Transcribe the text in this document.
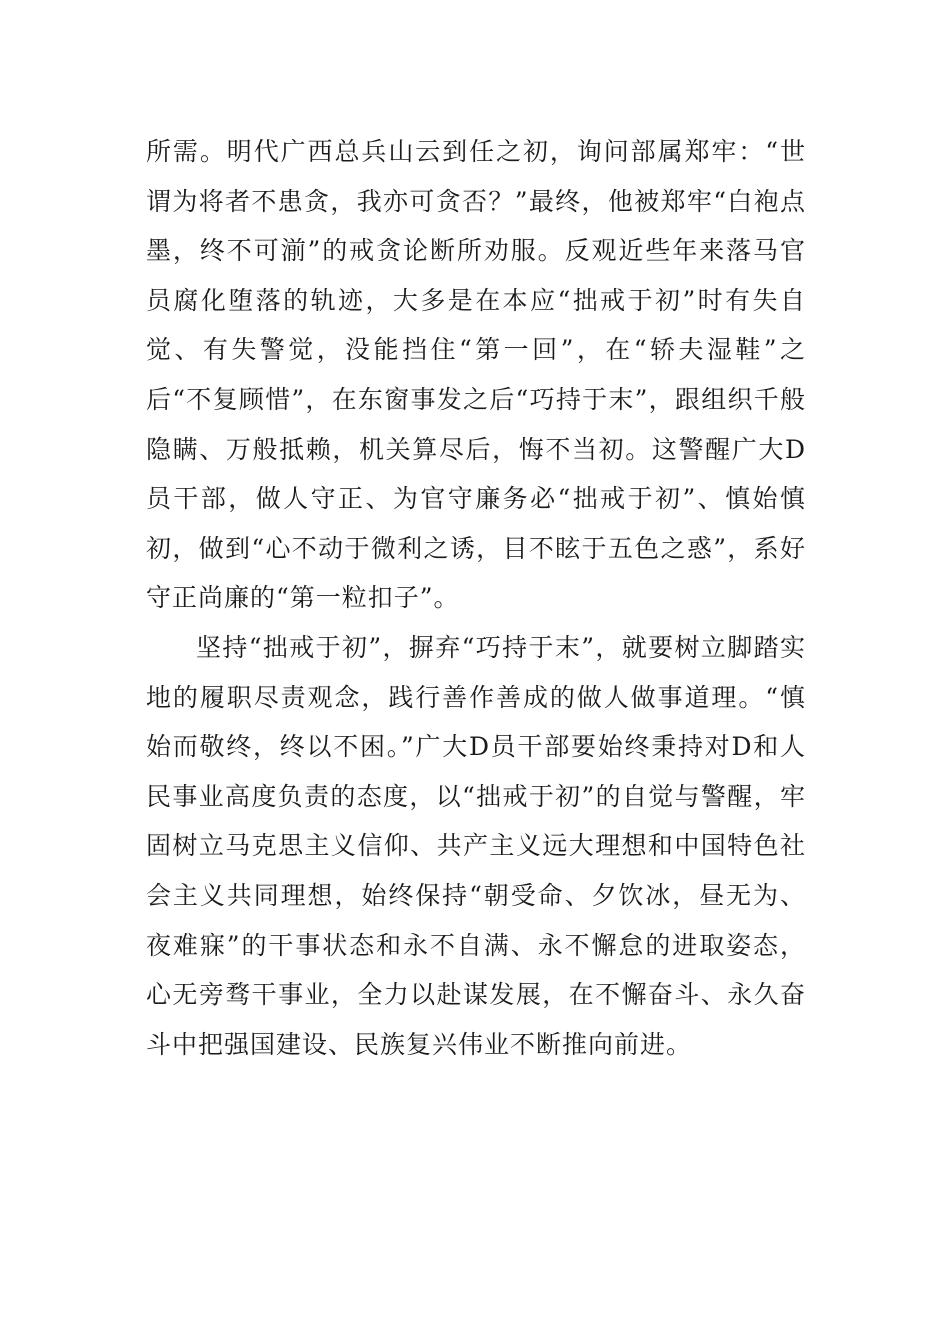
所需。明代广西总兵山云到任之初，询问部属郑牢：“世谓为将者不患贪，我亦可贪否？”最终，他被郑牢“白袍点墨，终不可湔”的戒贪论断所劝服。反观近些年来落马官员腐化堕落的轨迹，大多是在本应“拙戒于初”时有失自觉、有失警觉，没能挡住“第一回”，在“轿夫湿鞋”之后“不复顾惜”，在东窗事发之后“巧持于末”，跟组织千般隐瞒、万般抵赖，机关算尽后，悔不当初。这警醒广大D员干部，做人守正、为官守廉务必“拙戒于初”、慎始慎初，做到“心不动于微利之诱，目不眩于五色之惑”，系好守正尚廉的“第一粒扣子”。

坚持“拙戒于初”，摒弃“巧持于末”，就要树立脚踏实地的履职尽责观念，践行善作善成的做人做事道理。“慎始而敬终，终以不困。”广大D员干部要始终秉持对D和人民事业高度负责的态度，以“拙戒于初”的自觉与警醒，牢固树立马克思主义信仰、共产主义远大理想和中国特色社会主义共同理想，始终保持“朝受命、夕饮冰，昼无为、夜难寐”的干事状态和永不自满、永不懈怠的进取姿态，心无旁骛干事业，全力以赴谋发展，在不懈奋斗、永久奋斗中把强国建设、民族复兴伟业不断推向前进。
